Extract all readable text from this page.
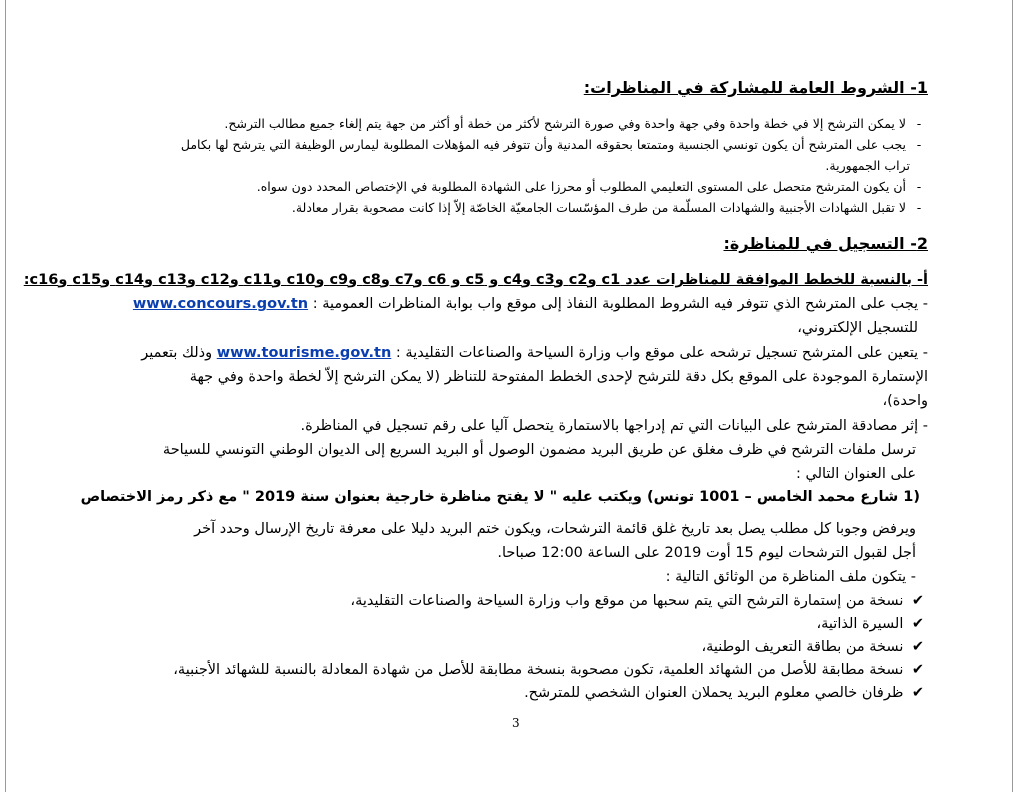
1- الشروط العامة للمشاركة في المناظرات:
- لا يمكن الترشح إلا في خطة واحدة وفي جهة واحدة وفي صورة الترشح لأكثر من خطة أو أكثر من جهة يتم إلغاء جميع مطالب الترشح.
- يجب على المترشح أن يكون تونسي الجنسية ومتمتعا بحقوقه المدنية وأن تتوفر فيه المؤهلات المطلوبة ليمارس الوظيفة التي يترشح لها بكامل
تراب الجمهورية.
- أن يكون المترشح متحصل على المستوى التعليمي المطلوب أو محرزا على الشهادة المطلوبة في الإختصاص المحدد دون سواه.
- لا تقبل الشهادات الأجنبية والشهادات المسلّمة من طرف المؤسّسات الجامعيّة الخاصّة إلاّ إذا كانت مصحوبة بقرار معادلة.
2- التسجيل في للمناظرة:
أ- بالنسبة للخطط الموافقة للمناظرات عدد c1 وc2 وc3 وc4 و c5 و c6 وc7 وc8 وc9 وc10 وc11 وc12 وc13 وc14 وc15 وc16:
- يجب على المترشح الذي تتوفر فيه الشروط المطلوبة النفاذ إلى موقع واب بوابة المناظرات العمومية : www.concours.gov.tn
للتسجيل الإلكتروني،
- يتعين على المترشح تسجيل ترشحه على موقع واب وزارة السياحة والصناعات التقليدية : www.tourisme.gov.tn وذلك بتعمير
الإستمارة الموجودة على الموقع بكل دقة للترشح لإحدى الخطط المفتوحة للتناظر (لا يمكن الترشح إلاّ لخطة واحدة وفي جهة
واحدة)،
- إثر مصادقة المترشح على البيانات التي تم إدراجها بالاستمارة يتحصل آليا على رقم تسجيل في المناظرة.
ترسل ملفات الترشح في ظرف مغلق عن طريق البريد مضمون الوصول أو البريد السريع إلى الديوان الوطني التونسي للسياحة
على العنوان التالي :
(1 شارع محمد الخامس – 1001 تونس) ويكتب عليه " لا يفتح مناظرة خارجية بعنوان سنة 2019 " مع ذكر رمز الاختصاص
ويرفض وجوبا كل مطلب يصل بعد تاريخ غلق قائمة الترشحات، ويكون ختم البريد دليلا على معرفة تاريخ الإرسال وحدد آخر
أجل لقبول الترشحات ليوم 15 أوت 2019 على الساعة 12:00 صباحا.
- يتكون ملف المناظرة من الوثائق التالية :
✔ نسخة من إستمارة الترشح التي يتم سحبها من موقع واب وزارة السياحة والصناعات التقليدية،
✔ السيرة الذاتية،
✔ نسخة من بطاقة التعريف الوطنية،
✔ نسخة مطابقة للأصل من الشهائد العلمية، تكون مصحوبة بنسخة مطابقة للأصل من شهادة المعادلة بالنسبة للشهائد الأجنبية،
✔ ظرفان خالصي معلوم البريد يحملان العنوان الشخصي للمترشح.
3
